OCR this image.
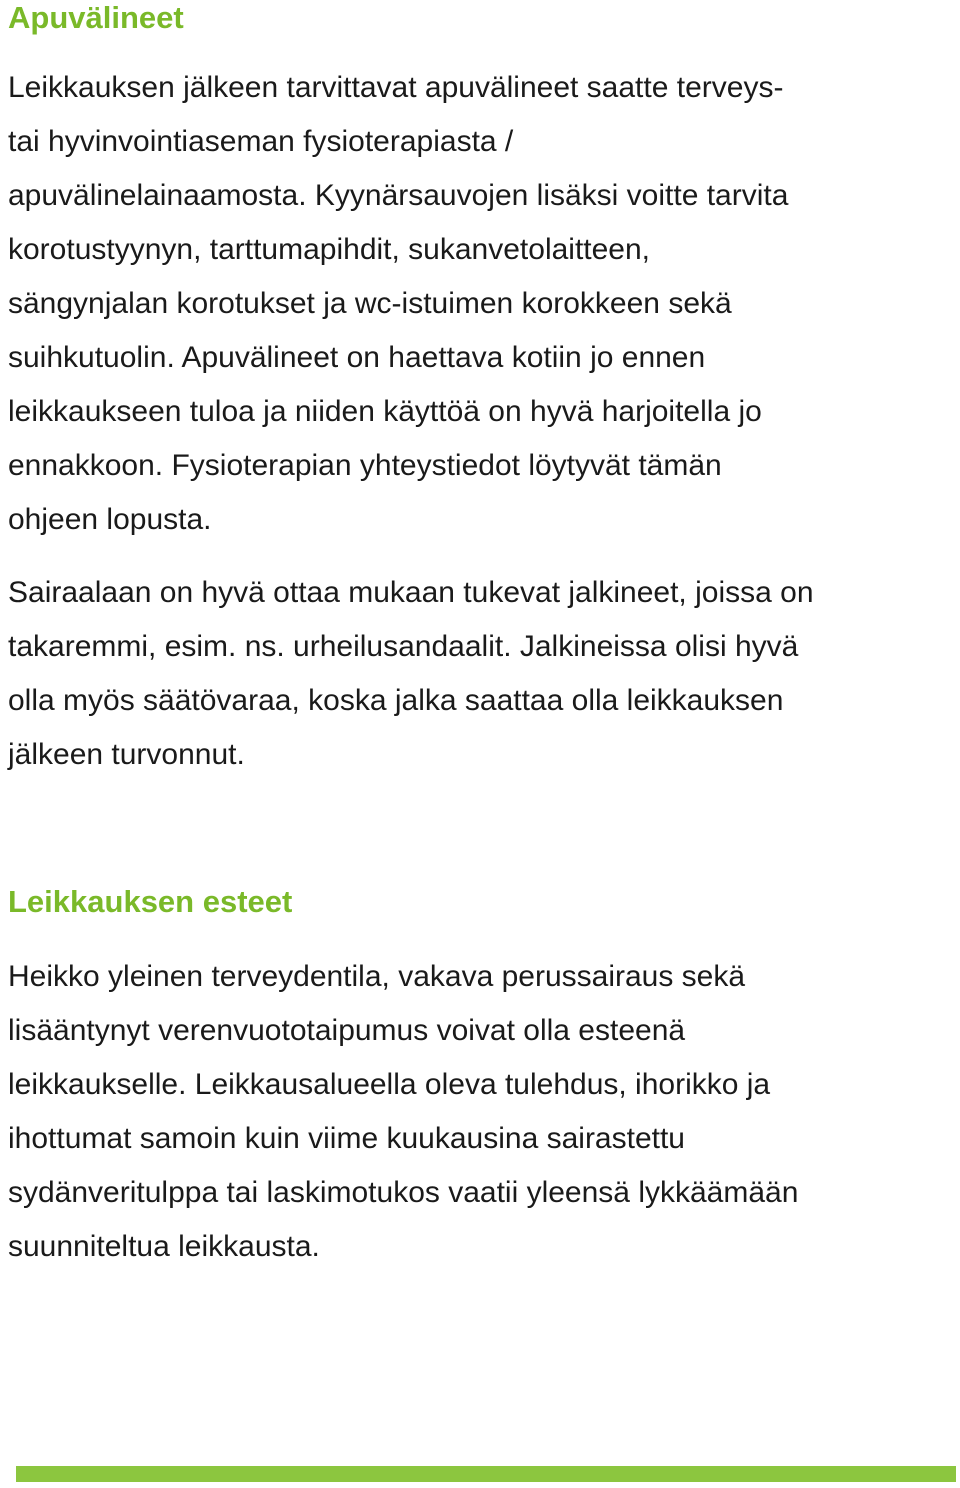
Apuvälineet

Leikkauksen jälkeen tarvittavat apuvälineet saatte terveys-
tai hyvinvointiaseman fysioterapiasta /
apuvälinelainaamosta. Kyynärsauvojen lisäksi voitte tarvita
korotustyynyn, tarttumapihdit, sukanvetolaitteen,
sängynjalan korotukset ja wc-istuimen korokkeen sekä
suihkutuolin. Apuvälineet on haettava kotiin jo ennen
leikkaukseen tuloa ja niiden käyttöä on hyvä harjoitella jo
ennakkoon. Fysioterapian yhteystiedot löytyvät tämän
ohjeen lopusta.

Sairaalaan on hyvä ottaa mukaan tukevat jalkineet, joissa on
takaremmi, esim. ns. urheilusandaalit. Jalkineissa olisi hyvä
olla myös säätövaraa, koska jalka saattaa olla leikkauksen
jälkeen turvonnut.

Leikkauksen esteet

Heikko yleinen terveydentila, vakava perussairaus sekä
lisääntynyt verenvuototaipumus voivat olla esteenä
leikkaukselle. Leikkausalueella oleva tulehdus, ihorikko ja
ihottumat samoin kuin viime kuukausina sairastettu
sydänveritulppa tai laskimotukos vaatii yleensä lykkäämään
suunniteltua leikkausta.
